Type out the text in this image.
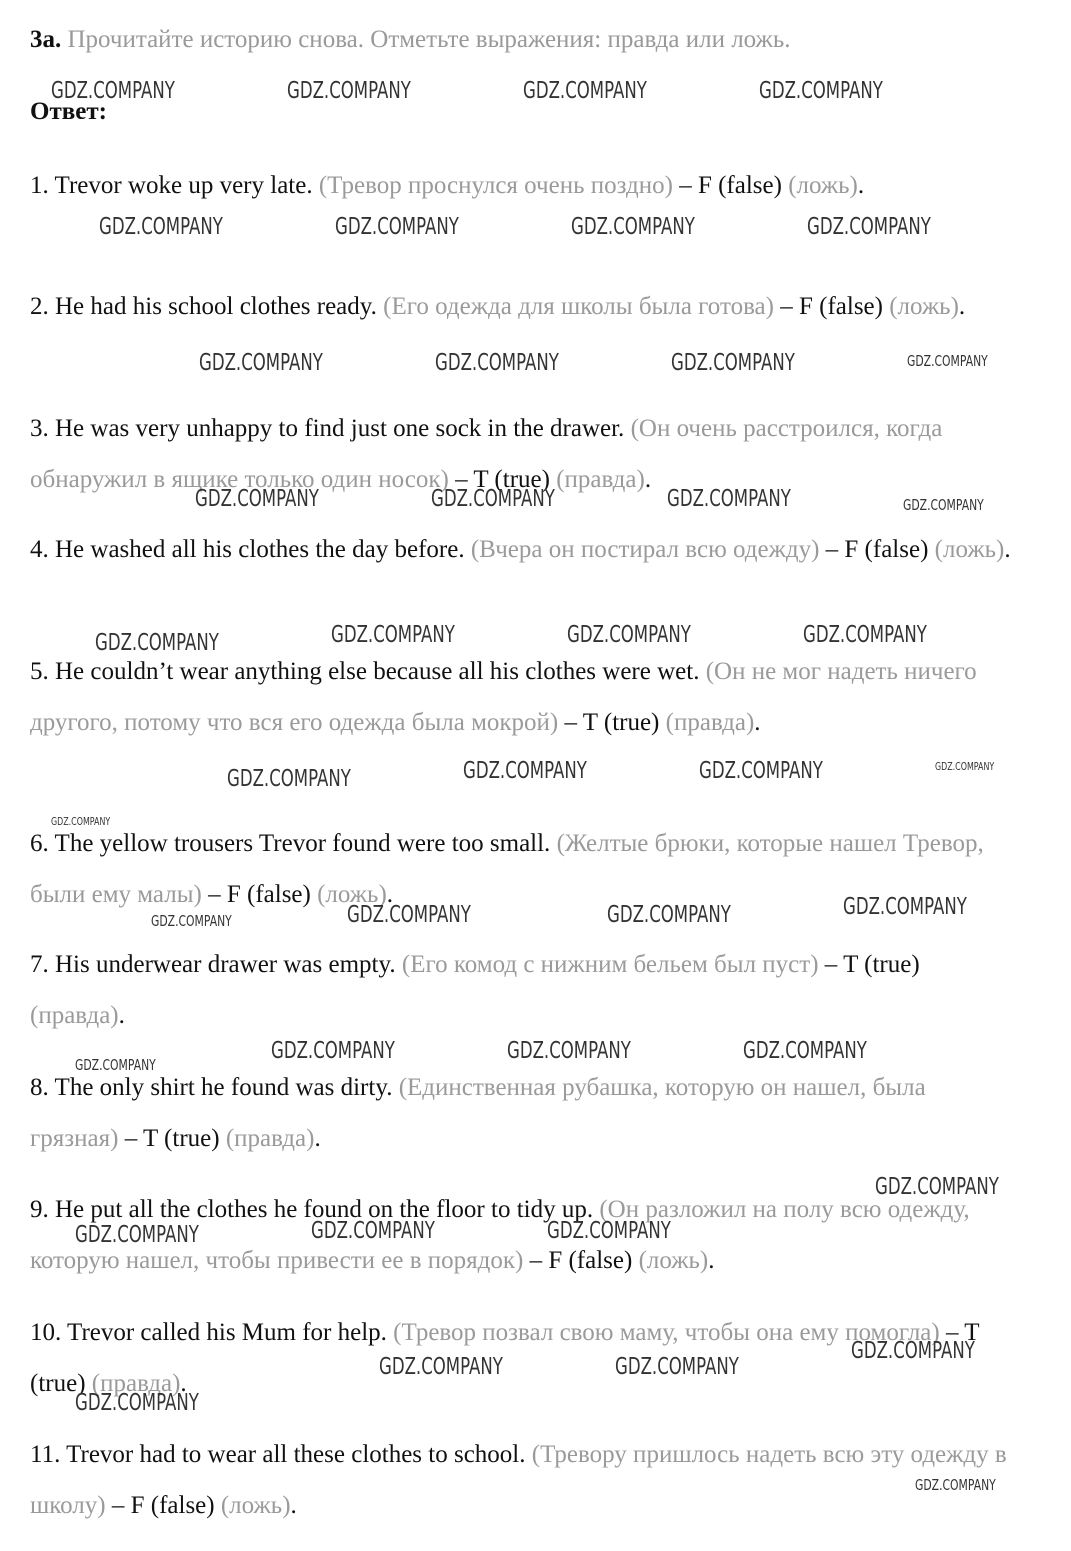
3a. Прочитайте историю снова. Отметьте выражения: правда или ложь.
Ответ:
1. Trevor woke up very late. (Тревор проснулся очень поздно) – F (false) (ложь).
2. He had his school clothes ready. (Его одежда для школы была готова) – F (false) (ложь).
3. He was very unhappy to find just one sock in the drawer. (Он очень расстроился, когда обнаружил в ящике только один носок) – T (true) (правда).
4. He washed all his clothes the day before. (Вчера он постирал всю одежду) – F (false) (ложь).
5. He couldn’t wear anything else because all his clothes were wet. (Он не мог надеть ничего другого, потому что вся его одежда была мокрой) – T (true) (правда).
6. The yellow trousers Trevor found were too small. (Желтые брюки, которые нашел Тревор, были ему малы) – F (false) (ложь).
7. His underwear drawer was empty. (Его комод с нижним бельем был пуст) – T (true) (правда).
8. The only shirt he found was dirty. (Единственная рубашка, которую он нашел, была грязная) – T (true) (правда).
9. He put all the clothes he found on the floor to tidy up. (Он разложил на полу всю одежду, которую нашел, чтобы привести ее в порядок) – F (false) (ложь).
10. Trevor called his Mum for help. (Тревор позвал свою маму, чтобы она ему помогла) – T (true) (правда).
11. Trevor had to wear all these clothes to school. (Тревору пришлось надеть всю эту одежду в школу) – F (false) (ложь).
GDZ.COMPANY	GDZ.COMPANY	GDZ.COMPANY	GDZ.COMPANY
GDZ.COMPANY	GDZ.COMPANY	GDZ.COMPANY	GDZ.COMPANY
GDZ.COMPANY	GDZ.COMPANY	GDZ.COMPANY	GDZ.COMPANY
GDZ.COMPANY	GDZ.COMPANY	GDZ.COMPANY	GDZ.COMPANY
GDZ.COMPANY	GDZ.COMPANY	GDZ.COMPANY	GDZ.COMPANY
GDZ.COMPANY	GDZ.COMPANY	GDZ.COMPANY	GDZ.COMPANY
GDZ.COMPANY
GDZ.COMPANY	GDZ.COMPANY	GDZ.COMPANY	GDZ.COMPANY
GDZ.COMPANY
GDZ.COMPANY	GDZ.COMPANY	GDZ.COMPANY
GDZ.COMPANY
GDZ.COMPANY	GDZ.COMPANY	GDZ.COMPANY
GDZ.COMPANY
GDZ.COMPANY	GDZ.COMPANY
GDZ.COMPANY
GDZ.COMPANY
